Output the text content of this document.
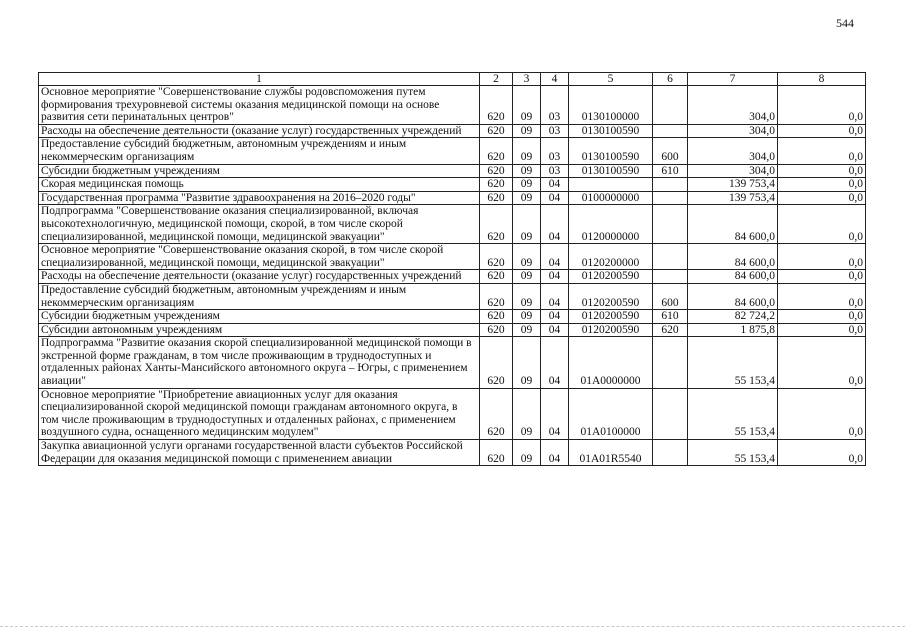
544
1	2	3	4	5	6	7	8
Основное мероприятие "Совершенствование службы родовспоможения путем формирования трехуровневой системы оказания медицинской помощи на основе развития сети перинатальных центров"	620	09	03	0130100000		304,0	0,0
Расходы на обеспечение деятельности (оказание услуг) государственных учреждений	620	09	03	0130100590		304,0	0,0
Предоставление субсидий бюджетным, автономным учреждениям и иным некоммерческим организациям	620	09	03	0130100590	600	304,0	0,0
Субсидии бюджетным учреждениям	620	09	03	0130100590	610	304,0	0,0
Скорая медицинская помощь	620	09	04			139 753,4	0,0
Государственная программа "Развитие здравоохранения на 2016–2020 годы"	620	09	04	0100000000		139 753,4	0,0
Подпрограмма "Совершенствование оказания специализированной, включая высокотехнологичную, медицинской помощи, скорой, в том числе скорой специализированной, медицинской помощи, медицинской эвакуации"	620	09	04	0120000000		84 600,0	0,0
Основное мероприятие "Совершенствование оказания скорой, в том числе скорой специализированной, медицинской помощи, медицинской эвакуации"	620	09	04	0120200000		84 600,0	0,0
Расходы на обеспечение деятельности (оказание услуг) государственных учреждений	620	09	04	0120200590		84 600,0	0,0
Предоставление субсидий бюджетным, автономным учреждениям и иным некоммерческим организациям	620	09	04	0120200590	600	84 600,0	0,0
Субсидии бюджетным учреждениям	620	09	04	0120200590	610	82 724,2	0,0
Субсидии автономным учреждениям	620	09	04	0120200590	620	1 875,8	0,0
Подпрограмма "Развитие оказания скорой специализированной медицинской помощи в экстренной форме гражданам, в том числе проживающим в труднодоступных и отдаленных районах Ханты-Мансийского автономного округа – Югры, с применением авиации"	620	09	04	01А0000000		55 153,4	0,0
Основное мероприятие "Приобретение авиационных услуг для оказания специализированной скорой медицинской помощи гражданам автономного округа, в том числе проживающим в труднодоступных и отдаленных районах, с применением воздушного судна, оснащенного медицинским модулем"	620	09	04	01А0100000		55 153,4	0,0
Закупка авиационной услуги органами государственной власти субъектов Российской Федерации для оказания медицинской помощи с применением авиации	620	09	04	01А01R5540		55 153,4	0,0
